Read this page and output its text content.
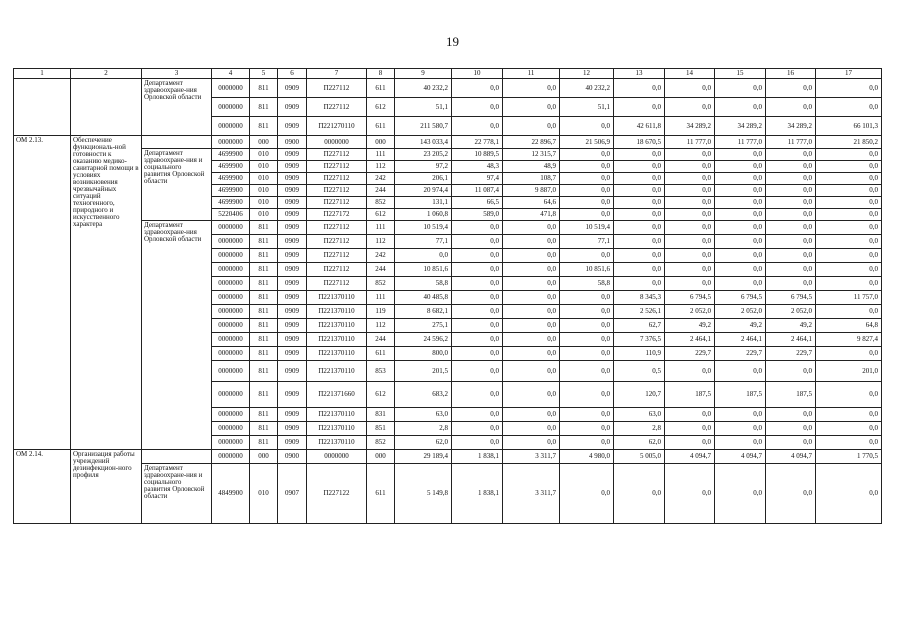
19
1	2	3	4	5	6	7	8	9	10	11	12	13	14	15	16	17
		Департамент здравоохране-ния Орловской области	0000000	811	0909	П227112	611	40 232,2	0,0	0,0	40 232,2	0,0	0,0	0,0	0,0	0,0
			0000000	811	0909	П227112	612	51,1	0,0	0,0	51,1	0,0	0,0	0,0	0,0	0,0
			0000000	811	0909	П221270110	611	211 580,7	0,0	0,0	0,0	42 611,8	34 289,2	34 289,2	34 289,2	66 101,3
ОМ 2.13.	Обеспечение функциональ-ной готовности к оказанию медико-санитарной помощи в условиях возникновения чрезвычайных ситуаций техногенного, природного и искусственного характера		0000000	000	0900	0000000	000	143 033,4	22 778,1	22 896,7	21 506,9	18 670,5	11 777,0	11 777,0	11 777,0	21 850,2
		Департамент здравоохране-ния и социального развития Орловской области	4699900	010	0909	П227112	111	23 205,2	10 889,5	12 315,7	0,0	0,0	0,0	0,0	0,0	0,0
			4699900	010	0909	П227112	112	97,2	48,3	48,9	0,0	0,0	0,0	0,0	0,0	0,0
			4699900	010	0909	П227112	242	206,1	97,4	108,7	0,0	0,0	0,0	0,0	0,0	0,0
			4699900	010	0909	П227112	244	20 974,4	11 087,4	9 887,0	0,0	0,0	0,0	0,0	0,0	0,0
			4699900	010	0909	П227112	852	131,1	66,5	64,6	0,0	0,0	0,0	0,0	0,0	0,0
			5220406	010	0909	П227172	612	1 060,8	589,0	471,8	0,0	0,0	0,0	0,0	0,0	0,0
		Департамент здравоохране-ния Орловской области	0000000	811	0909	П227112	111	10 519,4	0,0	0,0	10 519,4	0,0	0,0	0,0	0,0	0,0
			0000000	811	0909	П227112	112	77,1	0,0	0,0	77,1	0,0	0,0	0,0	0,0	0,0
			0000000	811	0909	П227112	242	0,0	0,0	0,0	0,0	0,0	0,0	0,0	0,0	0,0
			0000000	811	0909	П227112	244	10 851,6	0,0	0,0	10 851,6	0,0	0,0	0,0	0,0	0,0
			0000000	811	0909	П227112	852	58,8	0,0	0,0	58,8	0,0	0,0	0,0	0,0	0,0
			0000000	811	0909	П221370110	111	40 485,8	0,0	0,0	0,0	8 345,3	6 794,5	6 794,5	6 794,5	11 757,0
			0000000	811	0909	П221370110	119	8 682,1	0,0	0,0	0,0	2 526,1	2 052,0	2 052,0	2 052,0	0,0
			0000000	811	0909	П221370110	112	275,1	0,0	0,0	0,0	62,7	49,2	49,2	49,2	64,8
			0000000	811	0909	П221370110	244	24 596,2	0,0	0,0	0,0	7 376,5	2 464,1	2 464,1	2 464,1	9 827,4
			0000000	811	0909	П221370110	611	800,0	0,0	0,0	0,0	110,9	229,7	229,7	229,7	0,0
			0000000	811	0909	П221370110	853	201,5	0,0	0,0	0,0	0,5	0,0	0,0	0,0	201,0
			0000000	811	0909	П221371660	612	683,2	0,0	0,0	0,0	120,7	187,5	187,5	187,5	0,0
			0000000	811	0909	П221370110	831	63,0	0,0	0,0	0,0	63,0	0,0	0,0	0,0	0,0
			0000000	811	0909	П221370110	851	2,8	0,0	0,0	0,0	2,8	0,0	0,0	0,0	0,0
			0000000	811	0909	П221370110	852	62,0	0,0	0,0	0,0	62,0	0,0	0,0	0,0	0,0
ОМ 2.14.	Организация работы учреждений дезинфекцион-ного профиля		0000000	000	0900	0000000	000	29 189,4	1 838,1	3 311,7	4 980,0	5 005,0	4 094,7	4 094,7	4 094,7	1 770,5
		Департамент здравоохране-ния и социального развития Орловской области	4849900	010	0907	П227122	611	5 149,8	1 838,1	3 311,7	0,0	0,0	0,0	0,0	0,0	0,0
